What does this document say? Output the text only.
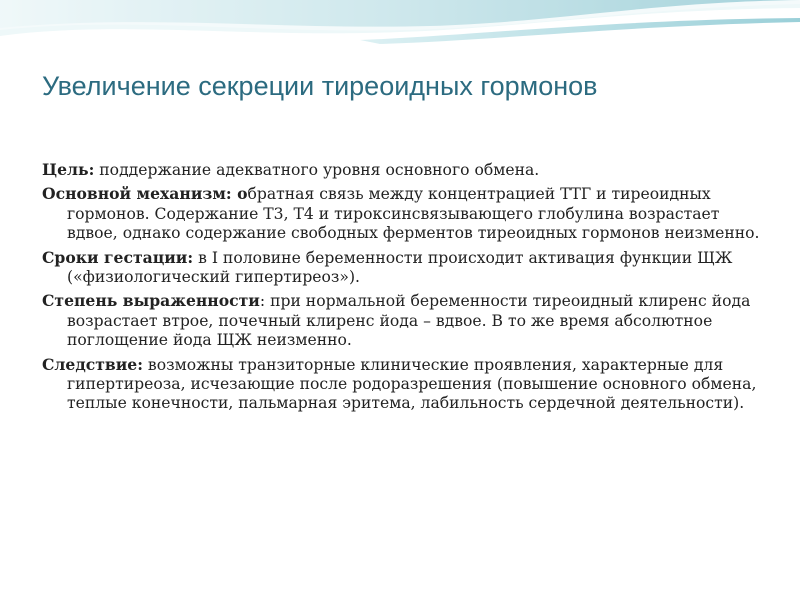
Увеличение секреции тиреоидных гормонов

Цель: поддержание адекватного уровня основного обмена.

Основной механизм: обратная связь между концентрацией ТТГ и тиреоидных гормонов. Содержание Т3, Т4 и тироксинсвязывающего глобулина возрастает вдвое, однако содержание свободных ферментов тиреоидных гормонов неизменно.

Сроки гестации: в I половине беременности происходит активация функции ЩЖ («физиологический гипертиреоз»).

Степень выраженности: при нормальной беременности тиреоидный клиренс йода возрастает втрое, почечный клиренс йода – вдвое. В то же время абсолютное поглощение йода ЩЖ неизменно.

Следствие: возможны транзиторные клинические проявления, характерные для гипертиреоза, исчезающие после родоразрешения (повышение основного обмена, теплые конечности, пальмарная эритема, лабильность сердечной деятельности).
